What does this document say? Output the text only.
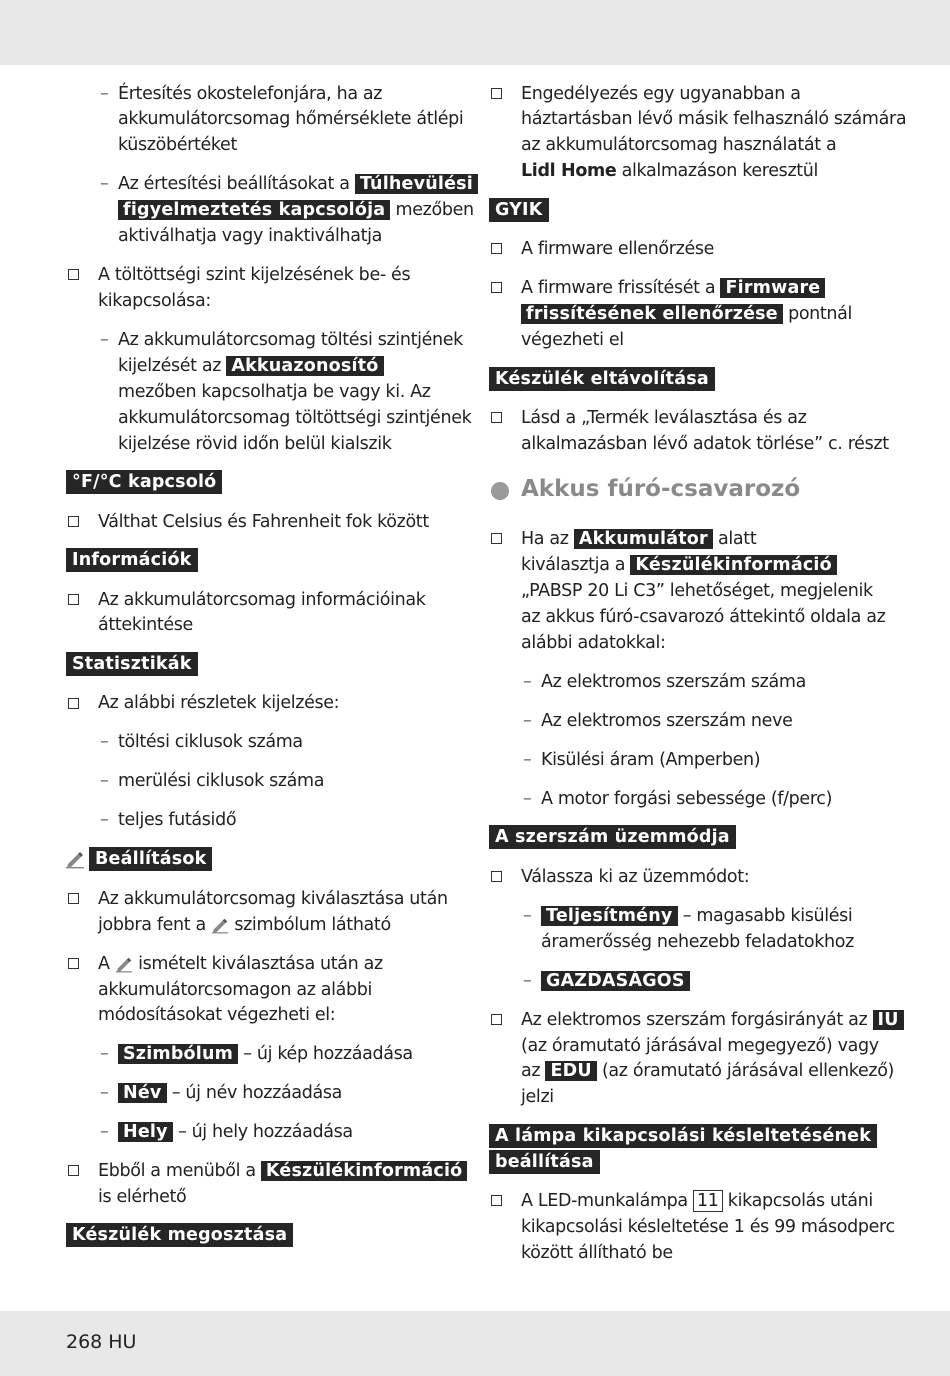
– Értesítés okostelefonjára, ha az
akkumulátorcsomag hőmérséklete átlépi
küszöbértéket
– Az értesítési beállításokat a Túlhevülési
figyelmeztetés kapcsolója mezőben
aktiválhatja vagy inaktiválhatja
A töltöttségi szint kijelzésének be- és
kikapcsolása:
– Az akkumulátorcsomag töltési szintjének
kijelzését az Akkuazonosító
mezőben kapcsolhatja be vagy ki. Az
akkumulátorcsomag töltöttségi szintjének
kijelzése rövid időn belül kialszik
°F/°C kapcsoló
Válthat Celsius és Fahrenheit fok között
Információk
Az akkumulátorcsomag információinak
áttekintése
Statisztikák
Az alábbi részletek kijelzése:
– töltési ciklusok száma
– merülési ciklusok száma
– teljes futásidő
Beállítások
Az akkumulátorcsomag kiválasztása után
jobbra fent a szimbólum látható
A ismételt kiválasztása után az
akkumulátorcsomagon az alábbi
módosításokat végezheti el:
– Szimbólum – új kép hozzáadása
– Név – új név hozzáadása
– Hely – új hely hozzáadása
Ebből a menüből a Készülékinformáció
is elérhető
Készülék megosztása
Engedélyezés egy ugyanabban a
háztartásban lévő másik felhasználó számára
az akkumulátorcsomag használatát a
Lidl Home alkalmazáson keresztül
GYIK
A firmware ellenőrzése
A firmware frissítését a Firmware
frissítésének ellenőrzése pontnál
végezheti el
Készülék eltávolítása
Lásd a „Termék leválasztása és az
alkalmazásban lévő adatok törlése” c. részt
Akkus fúró-csavarozó
Ha az Akkumulátor alatt
kiválasztja a Készülékinformáció
„PABSP 20 Li C3” lehetőséget, megjelenik
az akkus fúró-csavarozó áttekintő oldala az
alábbi adatokkal:
– Az elektromos szerszám száma
– Az elektromos szerszám neve
– Kisülési áram (Amperben)
– A motor forgási sebessége (f/perc)
A szerszám üzemmódja
Válassza ki az üzemmódot:
– Teljesítmény – magasabb kisülési
áramerősség nehezebb feladatokhoz
– GAZDASÁGOS
Az elektromos szerszám forgásirányát az IU
(az óramutató járásával megegyező) vagy
az EDU (az óramutató járásával ellenkező)
jelzi
A lámpa kikapcsolási késleltetésének
beállítása
A LED-munkalámpa 11 kikapcsolás utáni
kikapcsolási késleltetése 1 és 99 másodperc
között állítható be
268 HU
